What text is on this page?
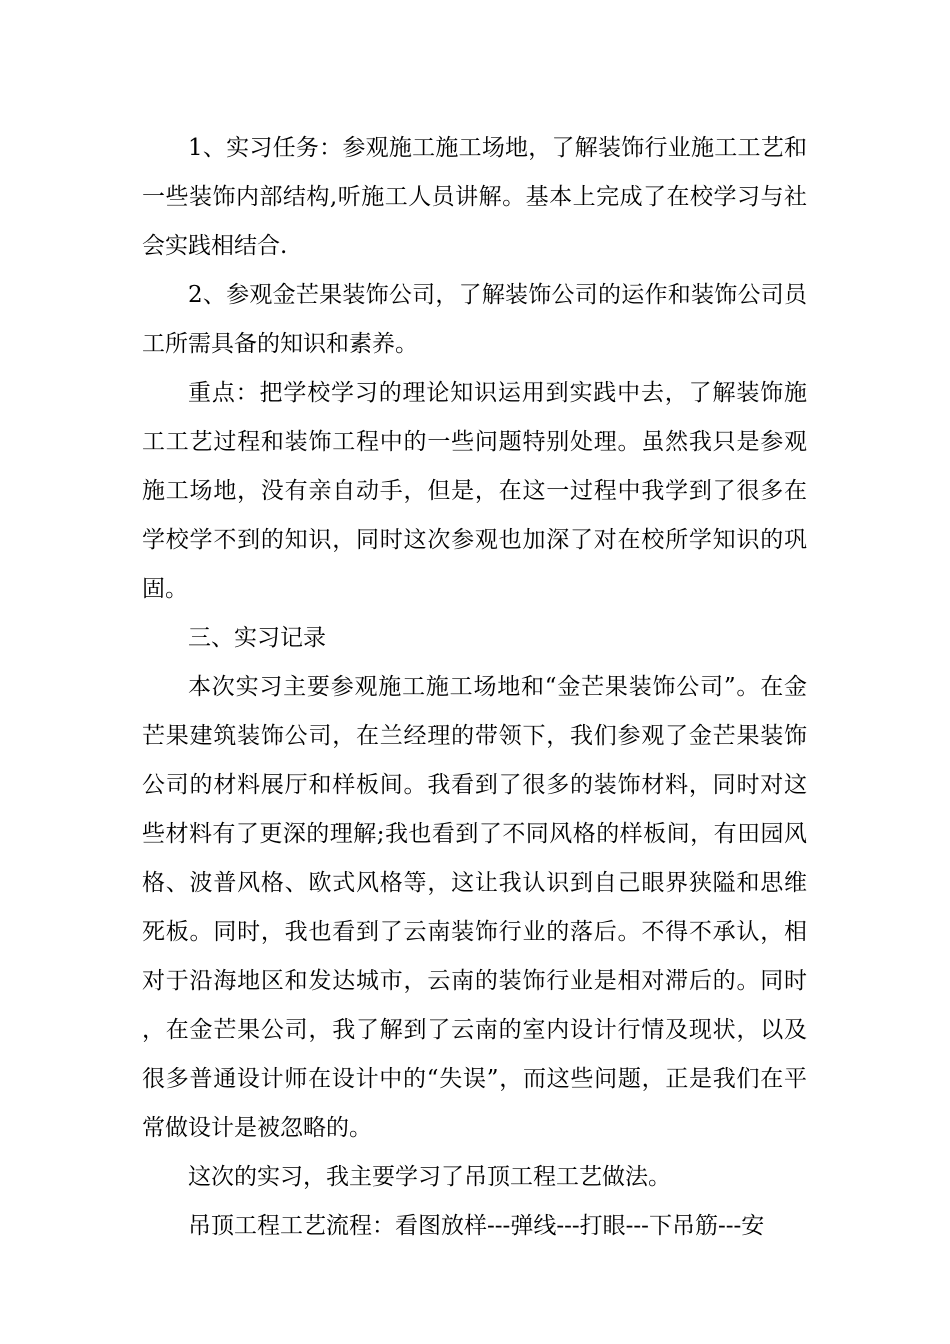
1、实习任务：参观施工施工场地，了解装饰行业施工工艺和一些装饰内部结构,听施工人员讲解。基本上完成了在校学习与社会实践相结合.

2、参观金芒果装饰公司，了解装饰公司的运作和装饰公司员工所需具备的知识和素养。

重点：把学校学习的理论知识运用到实践中去，了解装饰施工工艺过程和装饰工程中的一些问题特别处理。虽然我只是参观施工场地，没有亲自动手，但是，在这一过程中我学到了很多在学校学不到的知识，同时这次参观也加深了对在校所学知识的巩固。

三、实习记录

本次实习主要参观施工施工场地和“金芒果装饰公司”。在金芒果建筑装饰公司，在兰经理的带领下，我们参观了金芒果装饰公司的材料展厅和样板间。我看到了很多的装饰材料，同时对这些材料有了更深的理解;我也看到了不同风格的样板间，有田园风格、波普风格、欧式风格等，这让我认识到自己眼界狭隘和思维死板。同时，我也看到了云南装饰行业的落后。不得不承认，相对于沿海地区和发达城市，云南的装饰行业是相对滞后的。同时，在金芒果公司，我了解到了云南的室内设计行情及现状，以及很多普通设计师在设计中的“失误”，而这些问题，正是我们在平常做设计是被忽略的。

这次的实习，我主要学习了吊顶工程工艺做法。

吊顶工程工艺流程：看图放样---弹线---打眼---下吊筋---安
